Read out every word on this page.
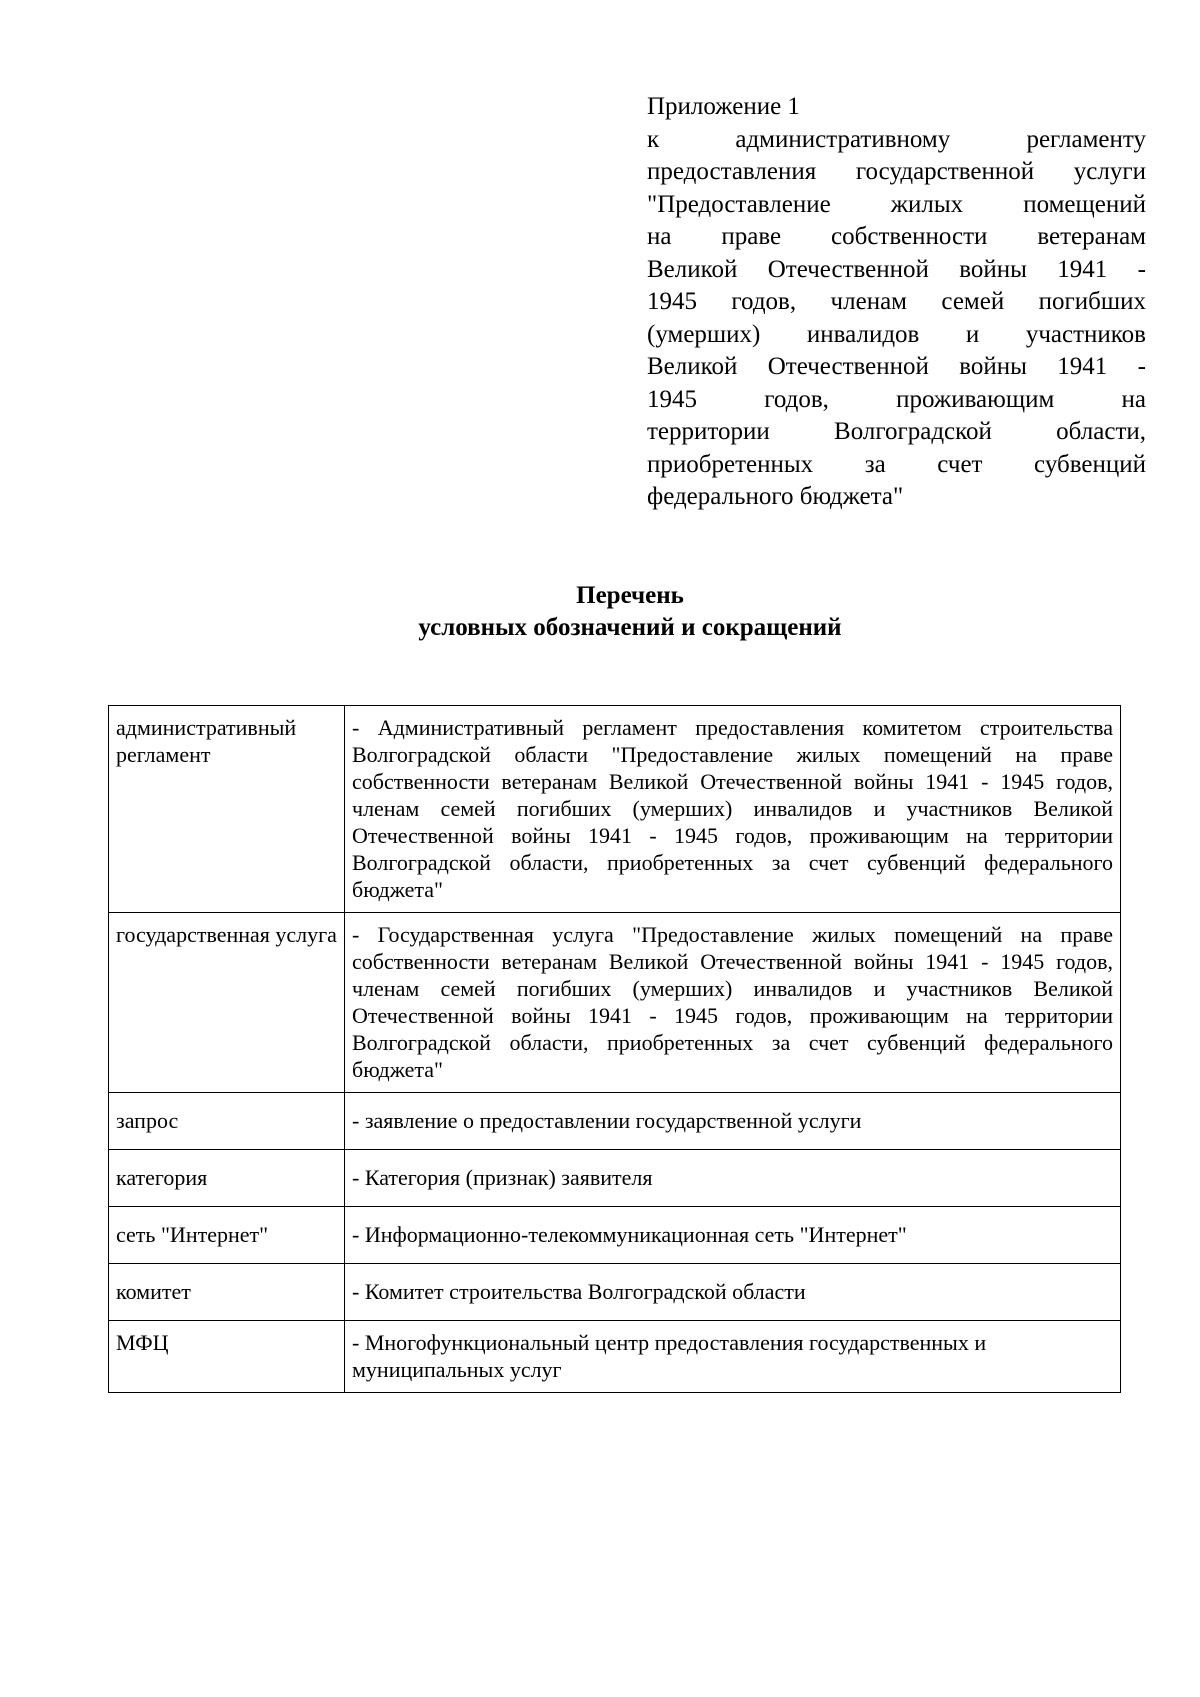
Приложение 1
к административному регламенту
предоставления государственной услуги
"Предоставление жилых помещений
на праве собственности ветеранам
Великой Отечественной войны 1941 -
1945 годов, членам семей погибших
(умерших) инвалидов и участников
Великой Отечественной войны 1941 -
1945 годов, проживающим на
территории Волгоградской области,
приобретенных за счет субвенций
федерального бюджета"
Перечень
условных обозначений и сокращений
административный регламент	- Административный регламент предоставления комитетом строительства Волгоградской области "Предоставление жилых помещений на праве собственности ветеранам Великой Отечественной войны 1941 - 1945 годов, членам семей погибших (умерших) инвалидов и участников Великой Отечественной войны 1941 - 1945 годов, проживающим на территории Волгоградской области, приобретенных за счет субвенций федерального бюджета"
государственная услуга	- Государственная услуга "Предоставление жилых помещений на праве собственности ветеранам Великой Отечественной войны 1941 - 1945 годов, членам семей погибших (умерших) инвалидов и участников Великой Отечественной войны 1941 - 1945 годов, проживающим на территории Волгоградской области, приобретенных за счет субвенций федерального бюджета"
запрос	- заявление о предоставлении государственной услуги
категория	- Категория (признак) заявителя
сеть "Интернет"	- Информационно-телекоммуникационная сеть "Интернет"
комитет	- Комитет строительства Волгоградской области
МФЦ	- Многофункциональный центр предоставления государственных и муниципальных услуг
